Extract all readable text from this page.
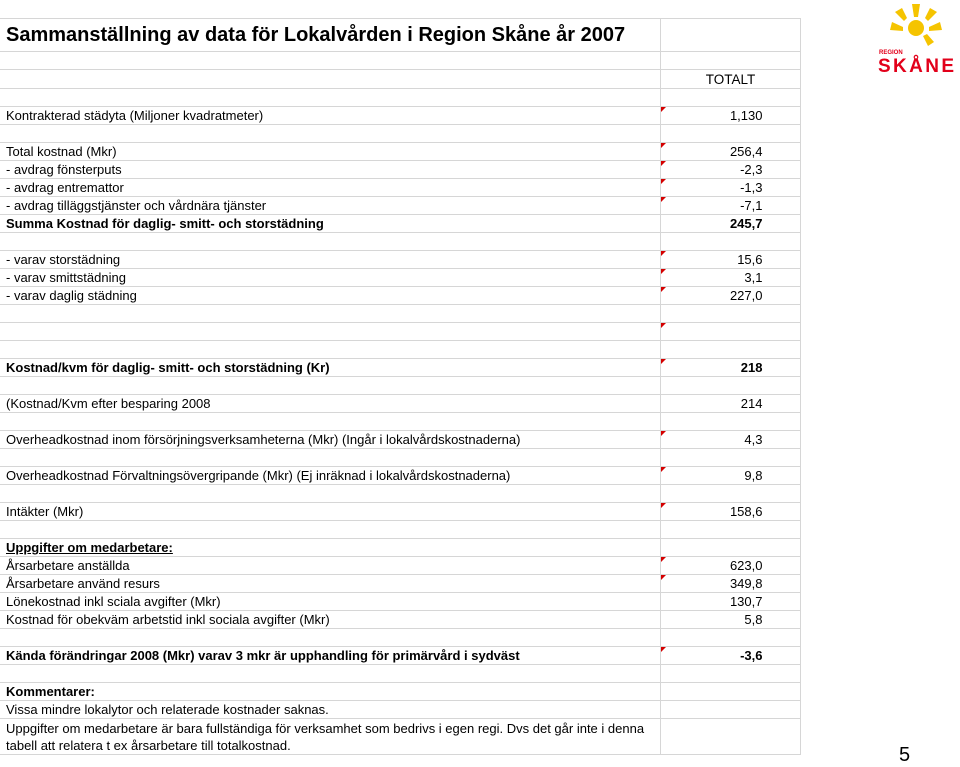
Sammanställning av data för Lokalvården i Region Skåne år 2007
TOTALT
Kontrakterad städyta (Miljoner kvadratmeter)	1,130
Total kostnad (Mkr)	256,4
- avdrag fönsterputs	-2,3
- avdrag entremattor	-1,3
- avdrag tilläggstjänster och vårdnära tjänster	-7,1
Summa Kostnad för daglig- smitt- och storstädning	245,7
- varav storstädning	15,6
- varav smittstädning	3,1
- varav daglig städning	227,0
Kostnad/kvm för daglig- smitt- och storstädning (Kr)	218
(Kostnad/Kvm efter besparing 2008	214
Overheadkostnad inom försörjningsverksamheterna (Mkr) (Ingår i lokalvårdskostnaderna)	4,3
Overheadkostnad Förvaltningsövergripande (Mkr) (Ej inräknad i lokalvårdskostnaderna)	9,8
Intäkter (Mkr)	158,6
Uppgifter om medarbetare:
Årsarbetare anställda	623,0
Årsarbetare använd resurs	349,8
Lönekostnad inkl sciala avgifter (Mkr)	130,7
Kostnad för obekväm arbetstid inkl sociala avgifter (Mkr)	5,8
Kända förändringar 2008 (Mkr) varav 3 mkr är upphandling för primärvård i sydväst	-3,6
Kommentarer:
Vissa mindre lokalytor och relaterade kostnader saknas.
Uppgifter om medarbetare är bara fullständiga för verksamhet som bedrivs i egen regi. Dvs det går inte i denna tabell att relatera t ex årsarbetare till totalkostnad.
REGION
SKÅNE
5
